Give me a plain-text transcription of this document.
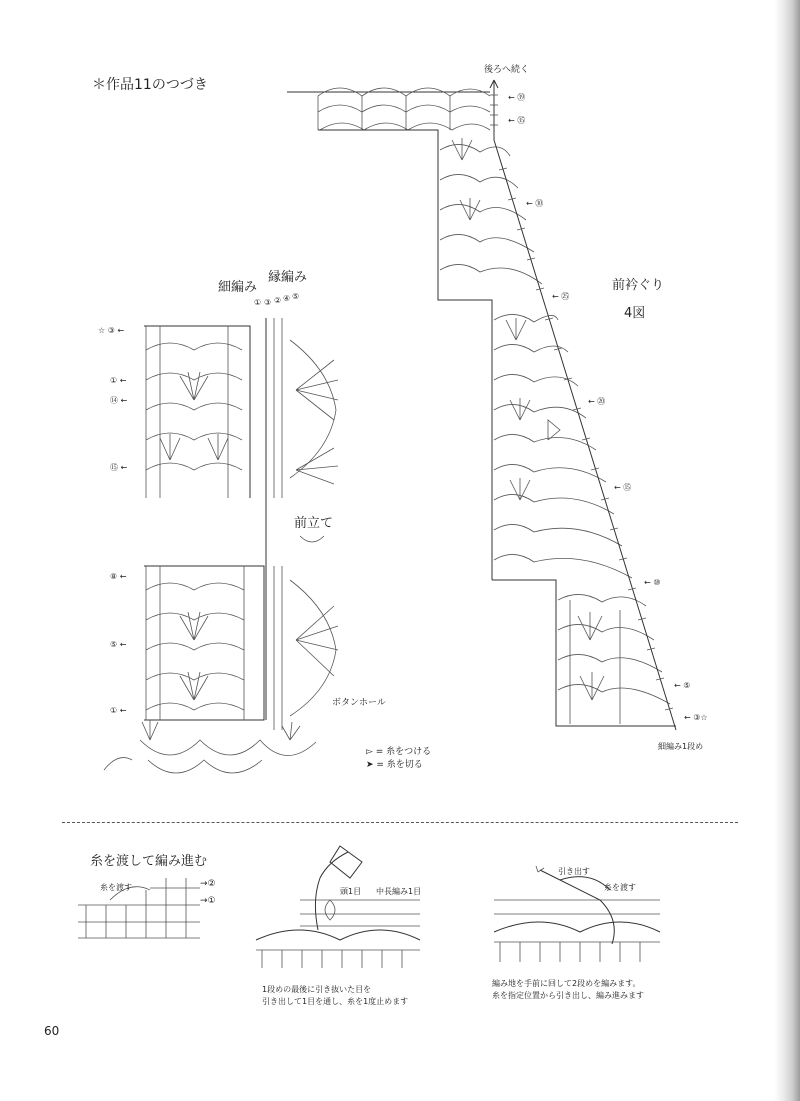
＊作品11のつづき
後ろへ続く
← ㊴
← ㉟
← ㉚
← ㉕
← ⑳
← ⑮
← ⑩
← ⑤
← ③☆
細編み1段め
前衿ぐり
4図
細編み
縁編み
① ③ ② ④ ⑤
☆ ③ ←
① ←
⑭ ←
⑮ ←
⑧ ←
⑤ ←
① ←
前立て
ボタンホール
▻ = 糸をつける
➤ = 糸を切る
糸を渡して編み進む
糸を渡す	→②
→①
頭1目 中長編み1目
1段めの最後に引き抜いた目を
引き出して1目を通し、糸を1度止めます
引き出す
糸を渡す
編み地を手前に回して2段めを編みます。
糸を指定位置から引き出し、編み進みます
60
